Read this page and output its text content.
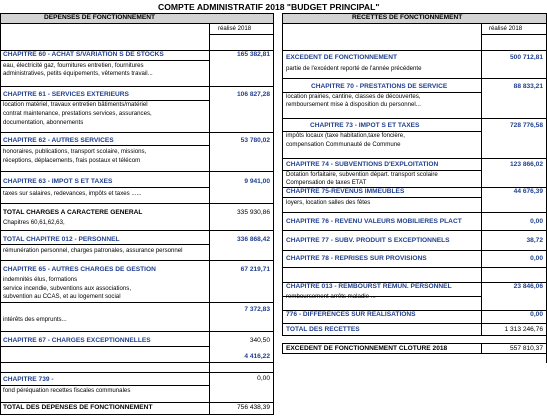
COMPTE ADMINISTRATIF 2018 "BUDGET PRINCIPAL"
DEPENSES DE FONCTIONNEMENT	RECETTES DE FONCTIONNEMENT
réalisé 2018	réalisé 2018
CHAPITRE 60 - ACHAT S/VARIATION S DE STOCKS	165 382,81
eau, électricité gaz, fournitures entretien, fournitures
administratives, petits équipements, vêtements travail...
CHAPITRE 61 - SERVICES EXTERIEURS	106 827,28
location matériel, travaux entretien bâtiments/matériel
contrat maintenance, prestations services, assurances,
documentation, abonnements
CHAPITRE 62 - AUTRES SERVICES	53 780,02
honoraires, publications, transport scolaire, missions,
réceptions, déplacements, frais postaux et télécom
CHAPITRE 63 - IMPOT S ET TAXES	9 941,00
taxes sur salaires, redevances, impôts et taxes ......
TOTAL CHARGES A CARACTERE GENERAL	335 930,86
Chapitres 60,61,62,63,
TOTAL CHAPITRE 012 - PERSONNEL	336 868,42
rémunération personnel, charges patronales, assurance personnel
CHAPITRE 65 - AUTRES CHARGES DE GESTION	67 219,71
indemnités élus, formations
service incendie, subventions aux associations,
subvention au CCAS, et au logement social
7 372,83
intérêts des emprunts...
CHAPITRE 67 - CHARGES EXCEPTIONNELLES	340,50
4 416,22
CHAPITRE 739 -	0,00
fond péréquation recettes fiscales communales
TOTAL DES DEPENSES DE FONCTIONNEMENT	756 438,39
EXCEDENT DE FONCTIONNEMENT	500 712,81
partie de l'excédent reporté de l'année précédente
CHAPITRE 70 - PRESTATIONS DE SERVICE	88 833,21
location prairies, cantine, classes de découvertes,
remboursement mise à disposition du personnel...
CHAPITRE 73 - IMPOT S ET TAXES	728 776,58
impôts locaux (taxe habitation,taxe foncière,
compensation Communauté de Commune
CHAPITRE 74 - SUBVENTIONS D'EXPLOITATION	123 866,02
Dotation forfaitaire, subvention départ. transport scolaire
Compensation de taxes ETAT
CHAPITRE 75-REVENUS IMMEUBLES	44 676,39
loyers, location salles des fêtes
CHAPITRE 76 - REVENU VALEURS MOBILIERES PLACT	0,00
CHAPITRE 77 - SUBV. PRODUIT S EXCEPTIONNELS	38,72
CHAPITRE 78 - REPRISES SUR PROVISIONS	0,00
CHAPITRE 013 - REMBOURST REMUN. PERSONNEL	23 846,06
remboursement arrêts maladie ...
776 - DIFFERENCES SUR REALISATIONS	0,00
TOTAL DES RECETTES	1 313 246,76
EXCEDENT DE FONCTIONNEMENT CLOTURE 2018	557 810,37
